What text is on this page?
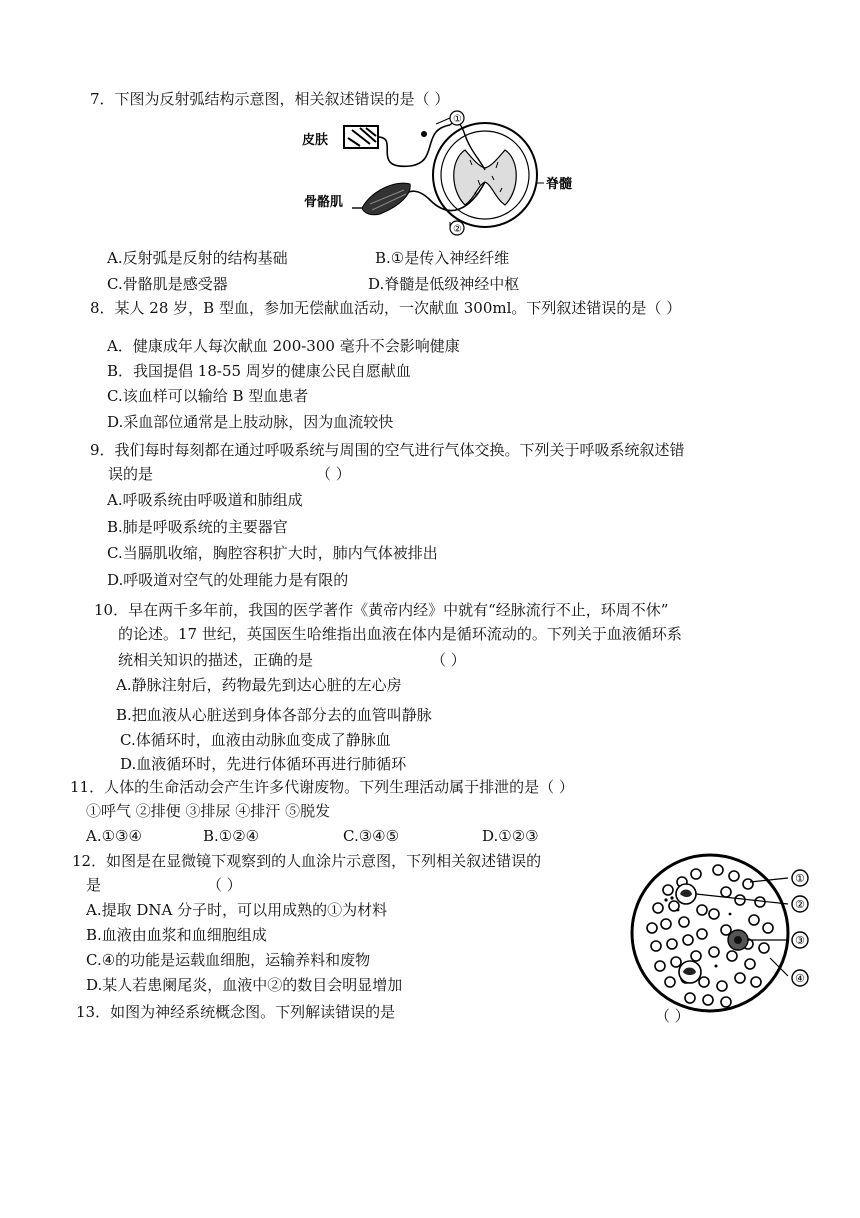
7．下图为反射弧结构示意图，相关叙述错误的是（ ）
皮肤
①
②
骨骼肌
脊髓
A.反射弧是反射的结构基础	B.①是传入神经纤维
C.骨骼肌是感受器	D.脊髓是低级神经中枢
8．某人 28 岁，B 型血，参加无偿献血活动，一次献血 300ml。下列叙述错误的是（ ）
A．健康成年人每次献血 200-300 毫升不会影响健康
B．我国提倡 18-55 周岁的健康公民自愿献血
C.该血样可以输给 B 型血患者
D.采血部位通常是上肢动脉，因为血流较快
9．我们每时每刻都在通过呼吸系统与周围的空气进行气体交换。下列关于呼吸系统叙述错
误的是	（ ）
A.呼吸系统由呼吸道和肺组成
B.肺是呼吸系统的主要器官
C.当膈肌收缩，胸腔容积扩大时，肺内气体被排出
D.呼吸道对空气的处理能力是有限的
10．早在两千多年前，我国的医学著作《黄帝内经》中就有“经脉流行不止，环周不休”
的论述。17 世纪，英国医生哈维指出血液在体内是循环流动的。下列关于血液循环系
统相关知识的描述，正确的是	（ ）
A.静脉注射后，药物最先到达心脏的左心房
B.把血液从心脏送到身体各部分去的血管叫静脉
C.体循环时，血液由动脉血变成了静脉血
D.血液循环时，先进行体循环再进行肺循环
11．人体的生命活动会产生许多代谢废物。下列生理活动属于排泄的是（ ）
①呼气 ②排便 ③排尿 ④排汗 ⑤脱发
A.①③④	B.①②④	C.③④⑤	D.①②③
12．如图是在显微镜下观察到的人血涂片示意图，下列相关叙述错误的
是	（ ）
A.提取 DNA 分子时，可以用成熟的①为材料
B.血液由血浆和血细胞组成
C.④的功能是运载血细胞，运输养料和废物
D.某人若患阑尾炎，血液中②的数目会明显增加
①
②
③
④
13．如图为神经系统概念图。下列解读错误的是	（ ）
